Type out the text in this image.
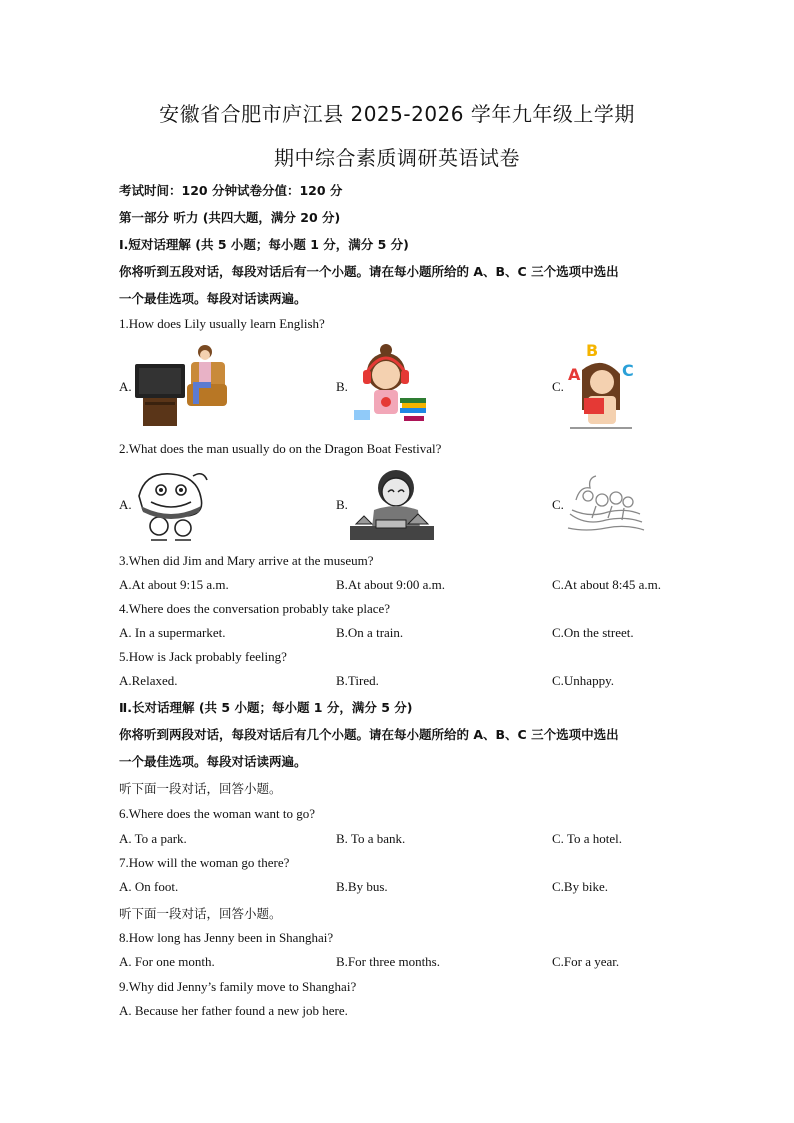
安徽省合肥市庐江县 2025-2026 学年九年级上学期
期中综合素质调研英语试卷
考试时间：120 分钟试卷分值：120 分
第一部分 听力 (共四大题，满分 20 分)
Ⅰ.短对话理解 (共 5 小题；每小题 1 分，满分 5 分)
你将听到五段对话，每段对话后有一个小题。请在每小题所给的 A、B、C 三个选项中选出
一个最佳选项。每段对话读两遍。
1.How does Lily usually learn English?
A.	B.	C.
B
A	C
2.What does the man usually do on the Dragon Boat Festival?
A.	B.	C.
3.When did Jim and Mary arrive at the museum?
A.At about 9:15 a.m.	B.At about 9:00 a.m.	C.At about 8:45 a.m.
4.Where does the conversation probably take place?
A. In a supermarket.	B.On a train.	C.On the street.
5.How is Jack probably feeling?
A.Relaxed.	B.Tired.	C.Unhappy.
Ⅱ.长对话理解 (共 5 小题；每小题 1 分，满分 5 分)
你将听到两段对话，每段对话后有几个小题。请在每小题所给的 A、B、C 三个选项中选出
一个最佳选项。每段对话读两遍。
听下面一段对话，回答小题。
6.Where does the woman want to go?
A. To a park.	B. To a bank.	C. To a hotel.
7.How will the woman go there?
A. On foot.	B.By bus.	C.By bike.
听下面一段对话，回答小题。
8.How long has Jenny been in Shanghai?
A. For one month.	B.For three months.	C.For a year.
9.Why did Jenny’s family move to Shanghai?
A. Because her father found a new job here.
